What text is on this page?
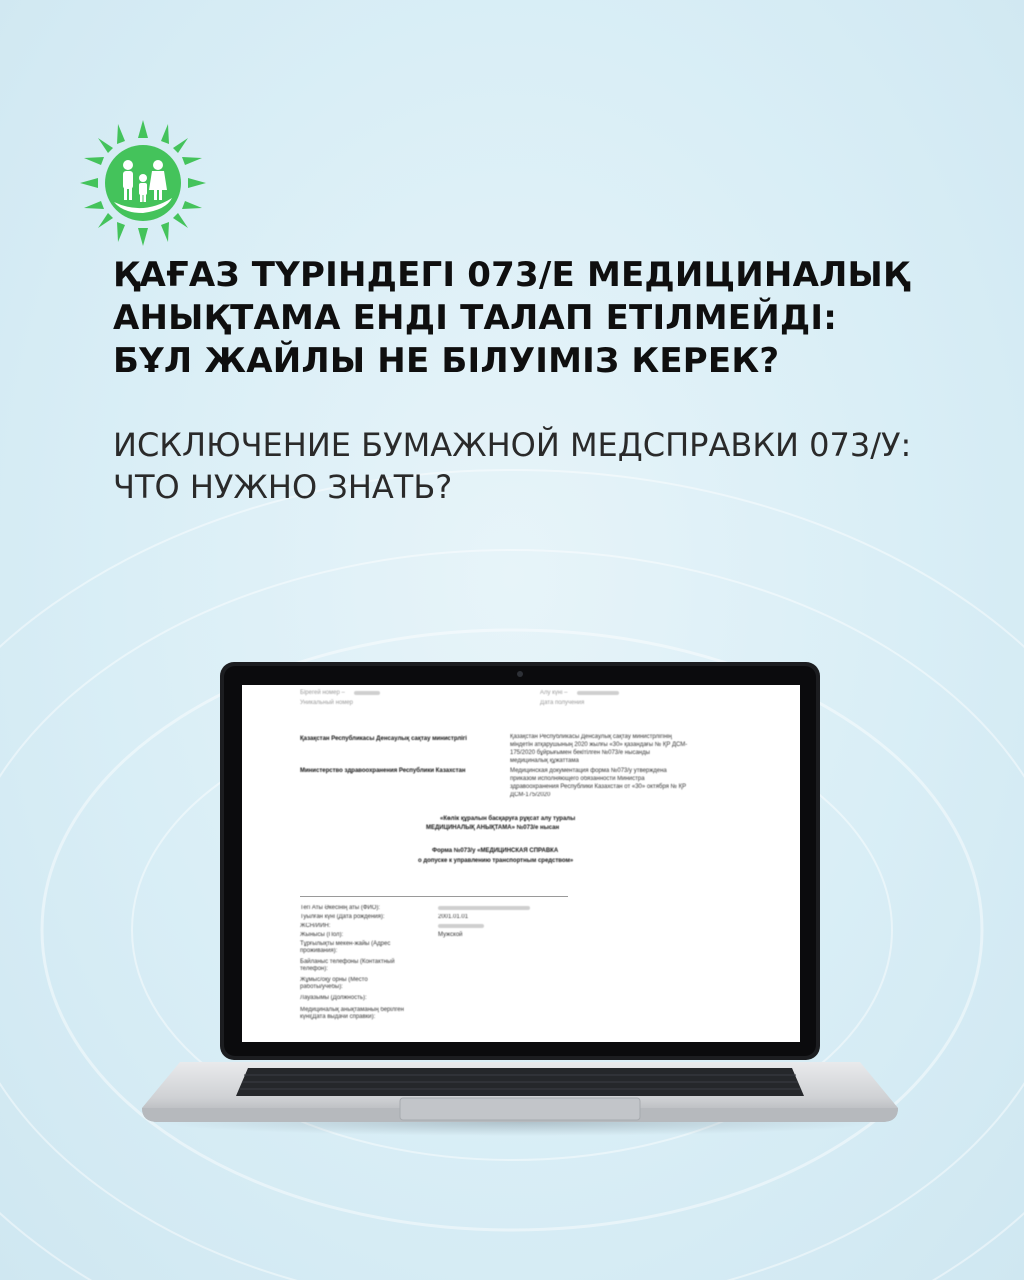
ҚАҒАЗ ТҮРІНДЕГІ 073/Е МЕДИЦИНАЛЫҚ
АНЫҚТАМА ЕНДІ ТАЛАП ЕТІЛМЕЙДІ:
БҰЛ ЖАЙЛЫ НЕ БІЛУІМІЗ КЕРЕК?
ИСКЛЮЧЕНИЕ БУМАЖНОЙ МЕДСПРАВКИ 073/У:
ЧТО НУЖНО ЗНАТЬ?
Бірегей номер –
Уникальный номер
Алу күні –
Дата получения
Қазақстан Республикасы Денсаулық сақтау министрлігі
Министерство здравоохранения Республики Казахстан
Қазақстан Республикасы Денсаулық сақтау министрлігінің
міндетін атқарушының 2020 жылғы «30» қазандағы № ҚР ДСМ-
175/2020 бұйрығымен бекітілген №073/е нысанды
медициналық құжаттама
Медицинская документация форма №073/у утверждена
приказом исполняющего обязанности Министра
здравоохранения Республики Казахстан от «30» октября № ҚР
ДСМ-175/2020
«Көлік құралын басқаруға рұқсат алу туралы
МЕДИЦИНАЛЫҚ АНЫҚТАМА» №073/е нысан
Форма №073/у «МЕДИЦИНСКАЯ СПРАВКА
о допуске к управлению транспортным средством»
Тегі Аты Әкесінің аты (ФИО):
Туылған күні (Дата рождения):	2001.01.01
ЖСН/ИИН:
Жынысы (Пол):	Мужской
Тұрғылықты мекен-жайы (Адрес
проживания):
Байланыс телефоны (Контактный
телефон):
Жұмыс/оқу орны (Место
работы/учебы):
Лауазымы (Должность):
Медициналық анықтаманың берілген
күні(Дата выдачи справки):
